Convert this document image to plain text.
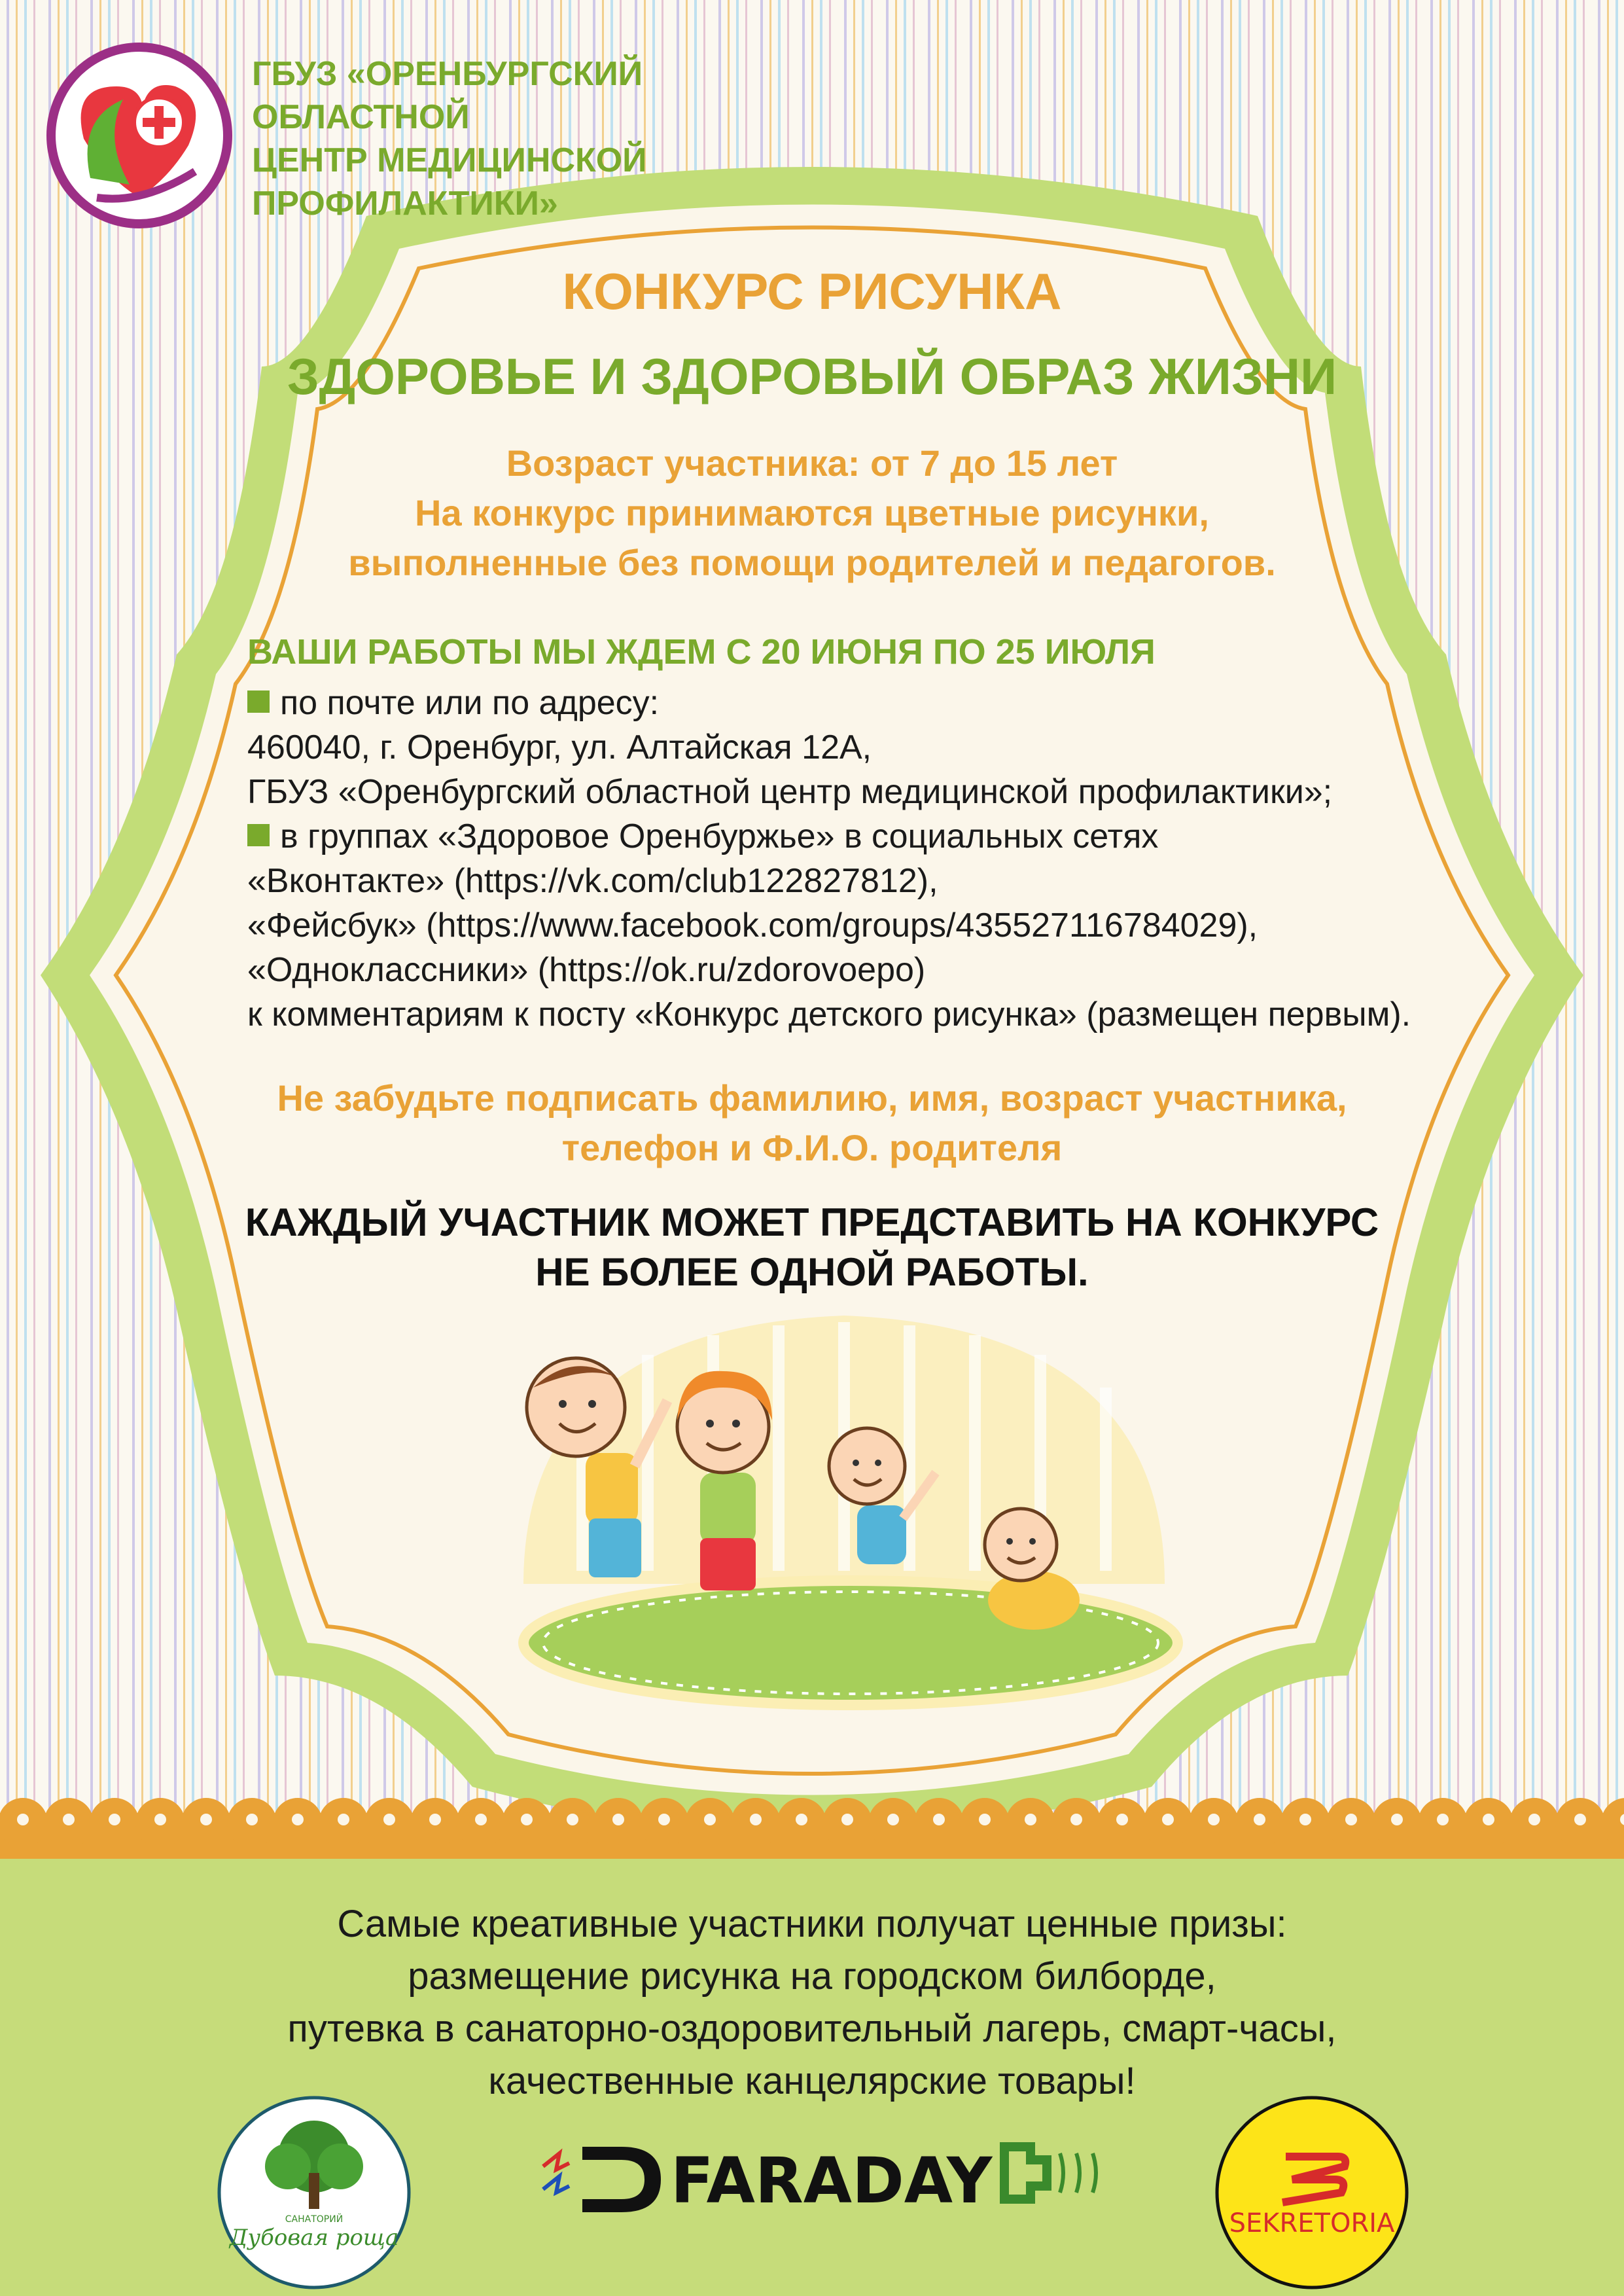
ГБУЗ «ОРЕНБУРГСКИЙ ОБЛАСТНОЙ
ЦЕНТР МЕДИЦИНСКОЙ
ПРОФИЛАКТИКИ»
КОНКУРС РИСУНКА
ЗДОРОВЬЕ И ЗДОРОВЫЙ ОБРАЗ ЖИЗНИ
Возраст участника: от 7 до 15 лет
На конкурс принимаются цветные рисунки,
выполненные без помощи родителей и педагогов.
ВАШИ РАБОТЫ МЫ ЖДЕМ С 20 ИЮНЯ ПО 25 ИЮЛЯ
по почте или по адресу:
460040, г. Оренбург, ул. Алтайская 12А,
ГБУЗ «Оренбургский областной центр медицинской профилактики»;
в группах «Здоровое Оренбуржье» в социальных сетях
«Вконтакте» (https://vk.com/club122827812),
«Фейсбук» (https://www.facebook.com/groups/435527116784029),
«Одноклассники» (https://ok.ru/zdorovoepo)
к комментариям к посту «Конкурс детского рисунка» (размещен первым).
Не забудьте подписать фамилию, имя, возраст участника,
телефон и Ф.И.О. родителя
КАЖДЫЙ УЧАСТНИК МОЖЕТ ПРЕДСТАВИТЬ НА КОНКУРС
НЕ БОЛЕЕ ОДНОЙ РАБОТЫ.
Самые креативные участники получат ценные призы:
размещение рисунка на городском билборде,
путевка в санаторно-оздоровительный лагерь, смарт-часы,
качественные канцелярские товары!
САНАТОРИЙ
Дубовая роща
FARADAY
SEKRETORIA
